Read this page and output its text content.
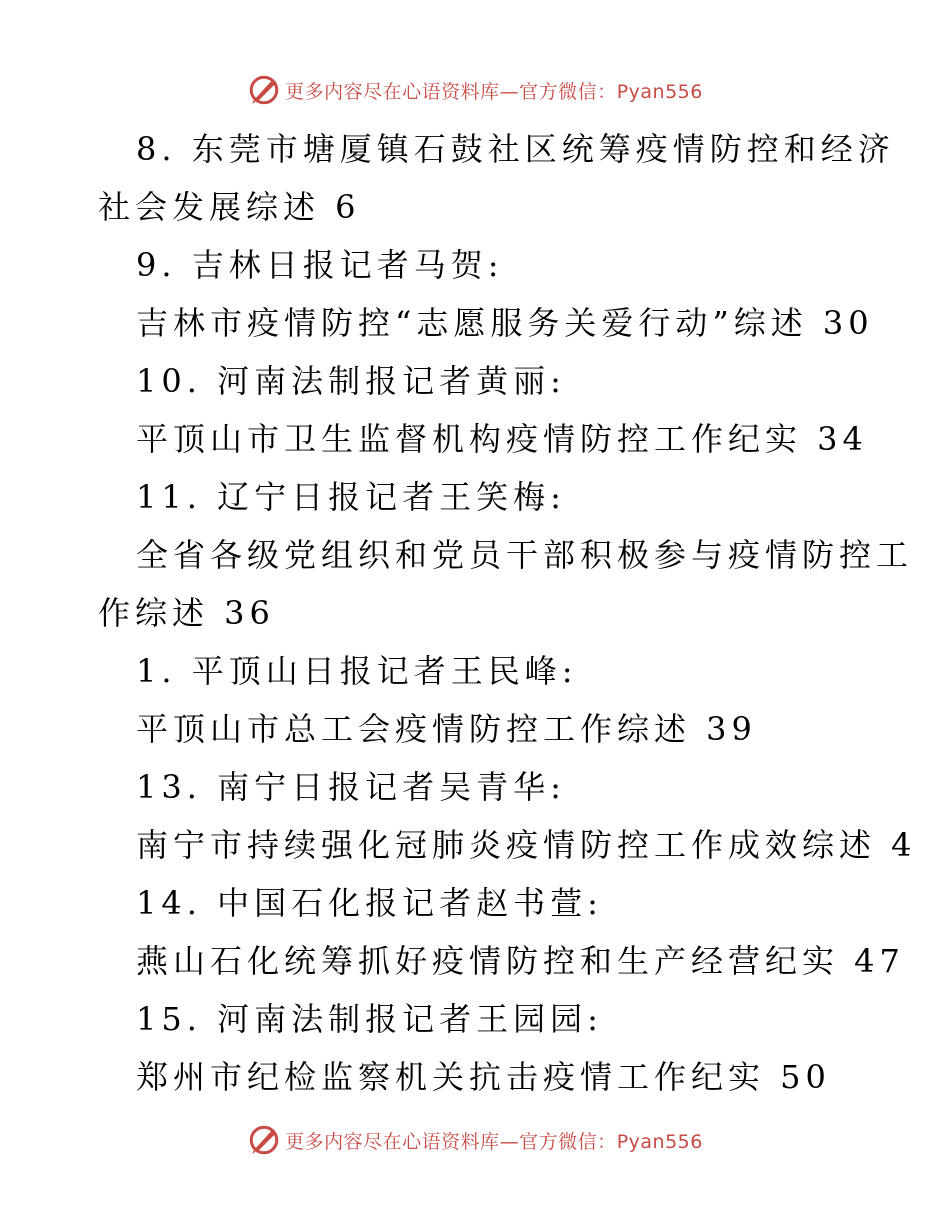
更多内容尽在心语资料库—官方微信：Pyan556
8. 东莞市塘厦镇石鼓社区统筹疫情防控和经济
社会发展综述 6
9. 吉林日报记者马贺:
吉林市疫情防控“志愿服务关爱行动”综述 30
10. 河南法制报记者黄丽:
平顶山市卫生监督机构疫情防控工作纪实 34
11. 辽宁日报记者王笑梅:
全省各级党组织和党员干部积极参与疫情防控工
作综述 36
1. 平顶山日报记者王民峰:
平顶山市总工会疫情防控工作综述 39
13. 南宁日报记者吴青华:
南宁市持续强化冠肺炎疫情防控工作成效综述 4
14. 中国石化报记者赵书萱:
燕山石化统筹抓好疫情防控和生产经营纪实 47
15. 河南法制报记者王园园:
郑州市纪检监察机关抗击疫情工作纪实 50
更多内容尽在心语资料库—官方微信：Pyan556
